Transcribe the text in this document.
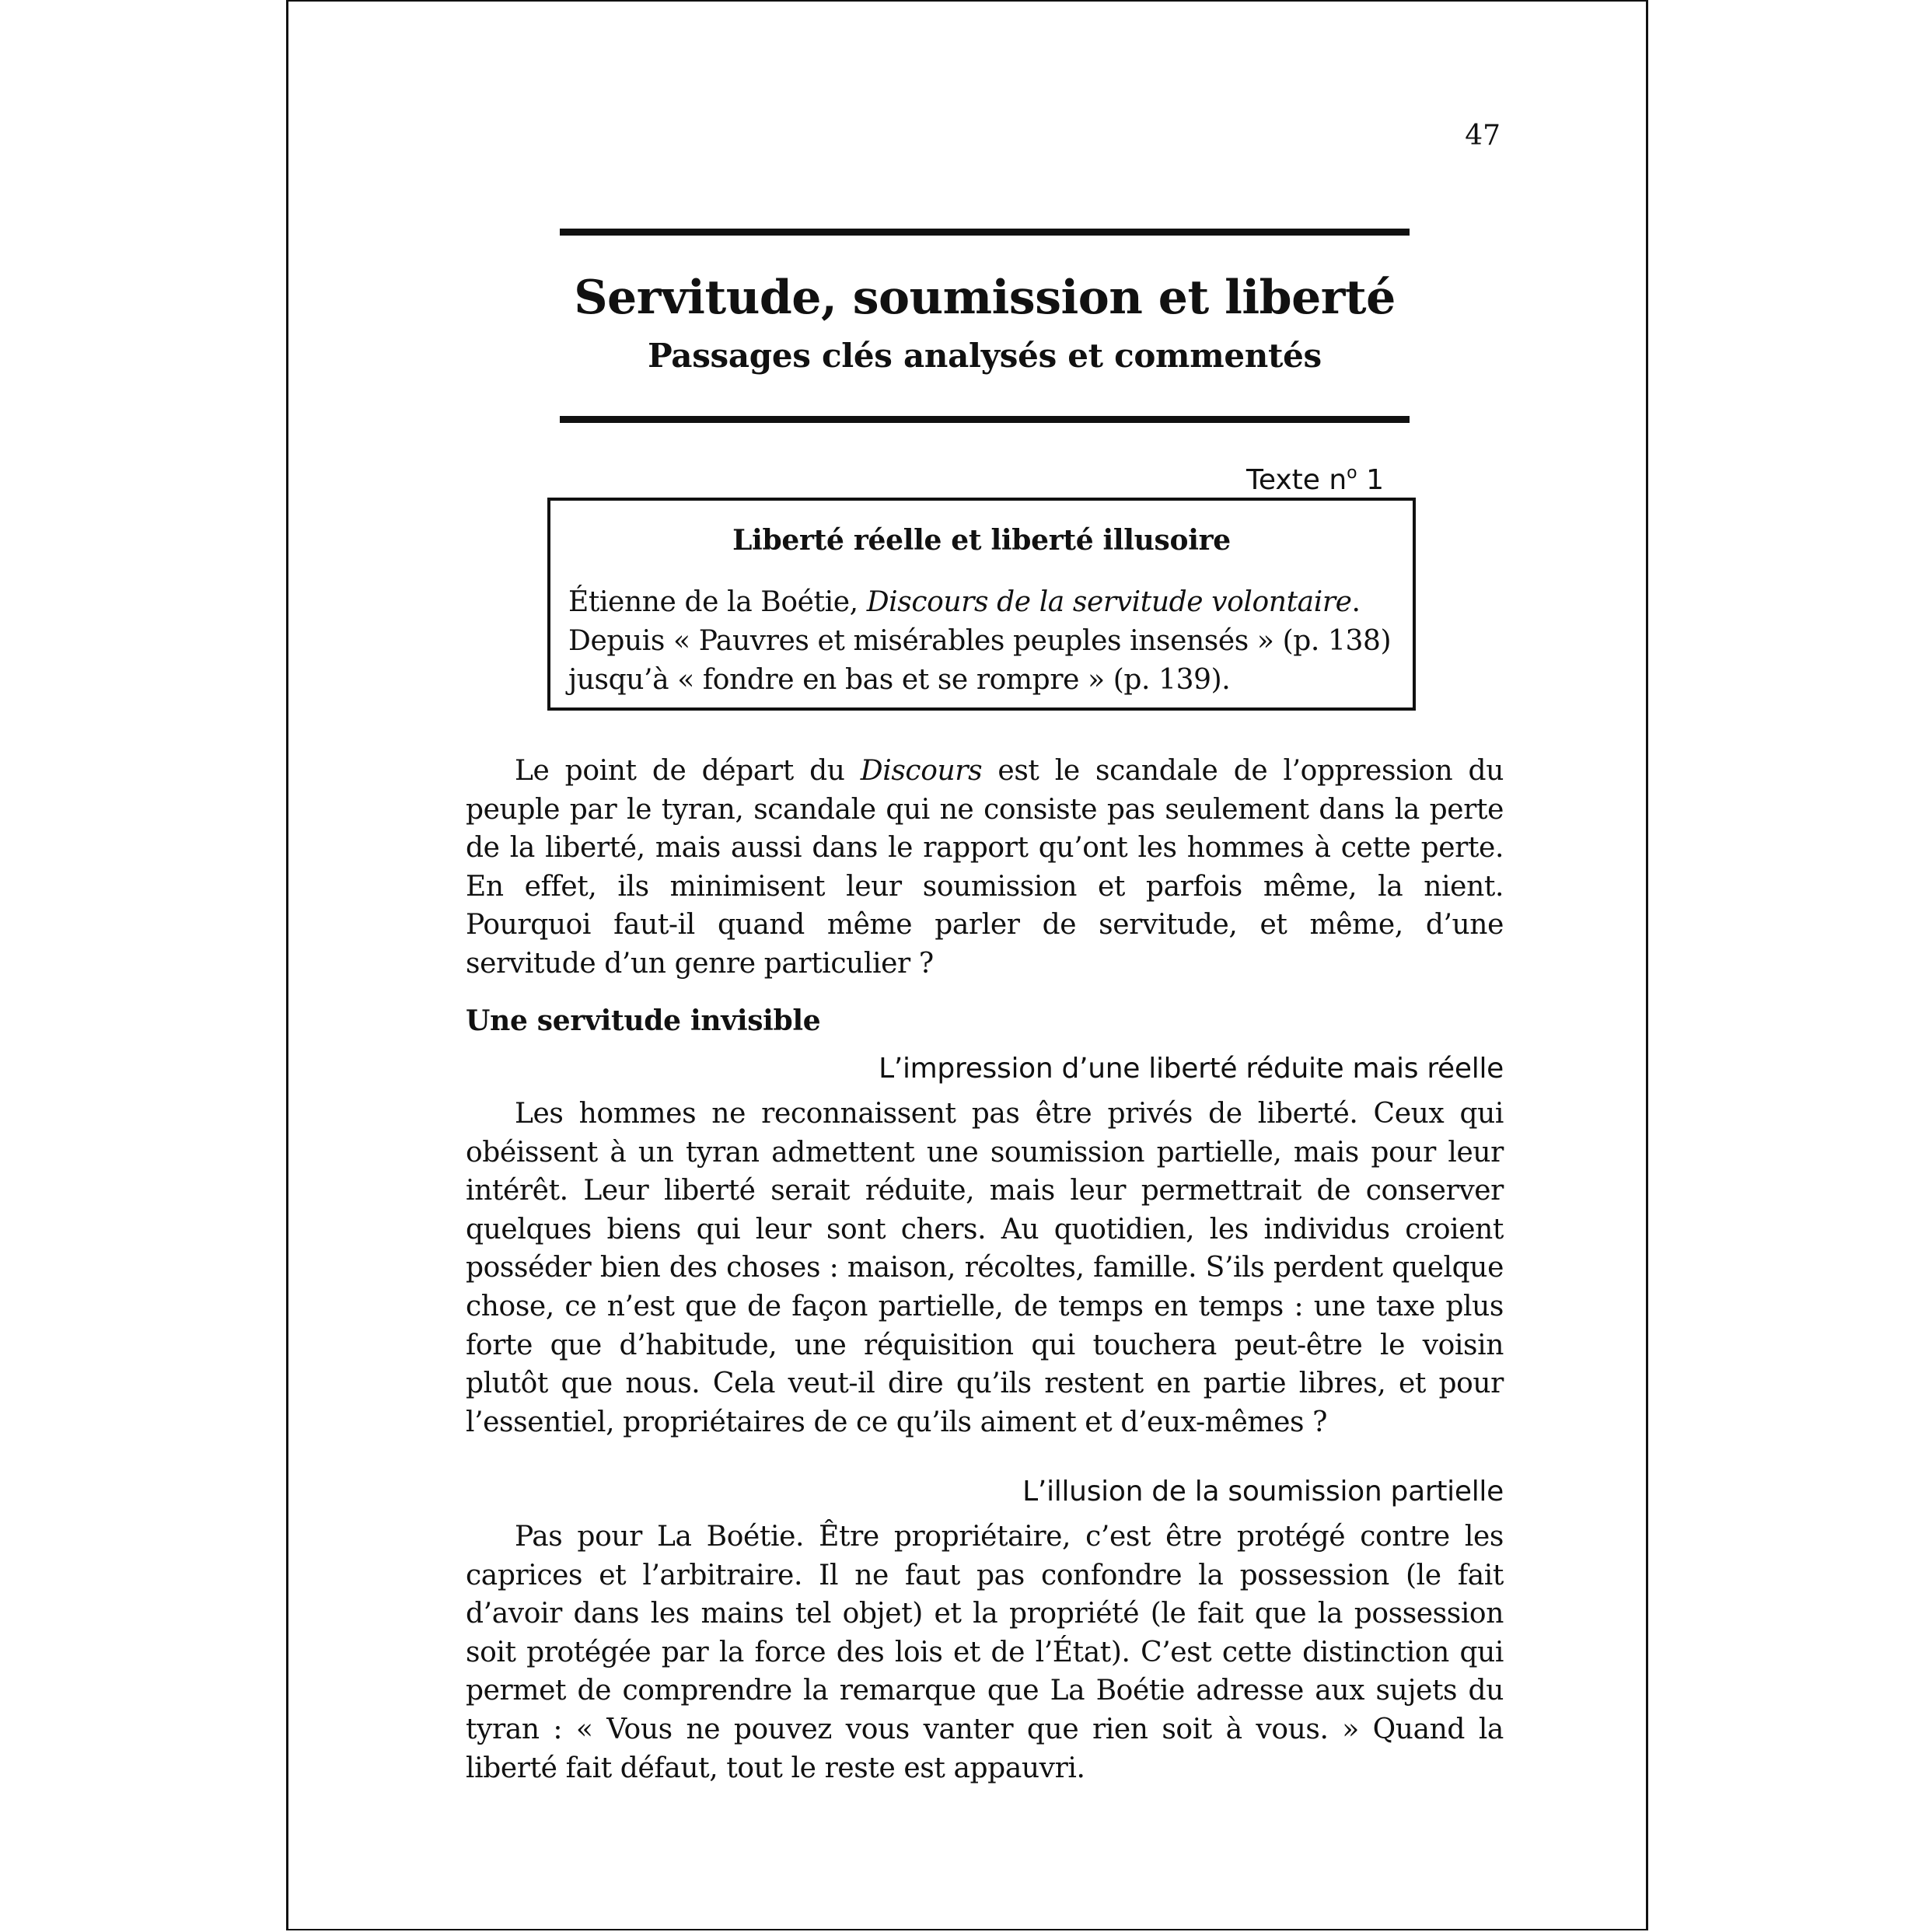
47
Servitude, soumission et liberté
Passages clés analysés et commentés
Texte $n^o$ 1
Liberté réelle et liberté illusoire
Étienne de la Boétie, Discours de la servitude volontaire.
Depuis « Pauvres et misérables peuples insensés » (p. 138)
jusqu’à « fondre en bas et se rompre » (p. 139).

Le point de départ du Discours est le scandale de l’oppression du peuple par le tyran, scandale qui ne consiste pas seulement dans la perte de la liberté, mais aussi dans le rapport qu’ont les hommes à cette perte. En effet, ils minimisent leur soumission et parfois même, la nient. Pourquoi faut-il quand même parler de servitude, et même, d’une servitude d’un genre particulier ?

Une servitude invisible
L’impression d’une liberté réduite mais réelle

Les hommes ne reconnaissent pas être privés de liberté. Ceux qui obéissent à un tyran admettent une soumission partielle, mais pour leur intérêt. Leur liberté serait réduite, mais leur permettrait de conserver quelques biens qui leur sont chers. Au quotidien, les individus croient posséder bien des choses : maison, récoltes, famille. S’ils perdent quelque chose, ce n’est que de façon partielle, de temps en temps : une taxe plus forte que d’habitude, une réquisition qui touchera peut-être le voisin plutôt que nous. Cela veut-il dire qu’ils restent en partie libres, et pour l’essentiel, propriétaires de ce qu’ils aiment et d’eux-mêmes ?

L’illusion de la soumission partielle

Pas pour La Boétie. Être propriétaire, c’est être protégé contre les caprices et l’arbitraire. Il ne faut pas confondre la possession (le fait d’avoir dans les mains tel objet) et la propriété (le fait que la possession soit protégée par la force des lois et de l’État). C’est cette distinction qui permet de comprendre la remarque que La Boétie adresse aux sujets du tyran : « Vous ne pouvez vous vanter que rien soit à vous. » Quand la liberté fait défaut, tout le reste est appauvri.
